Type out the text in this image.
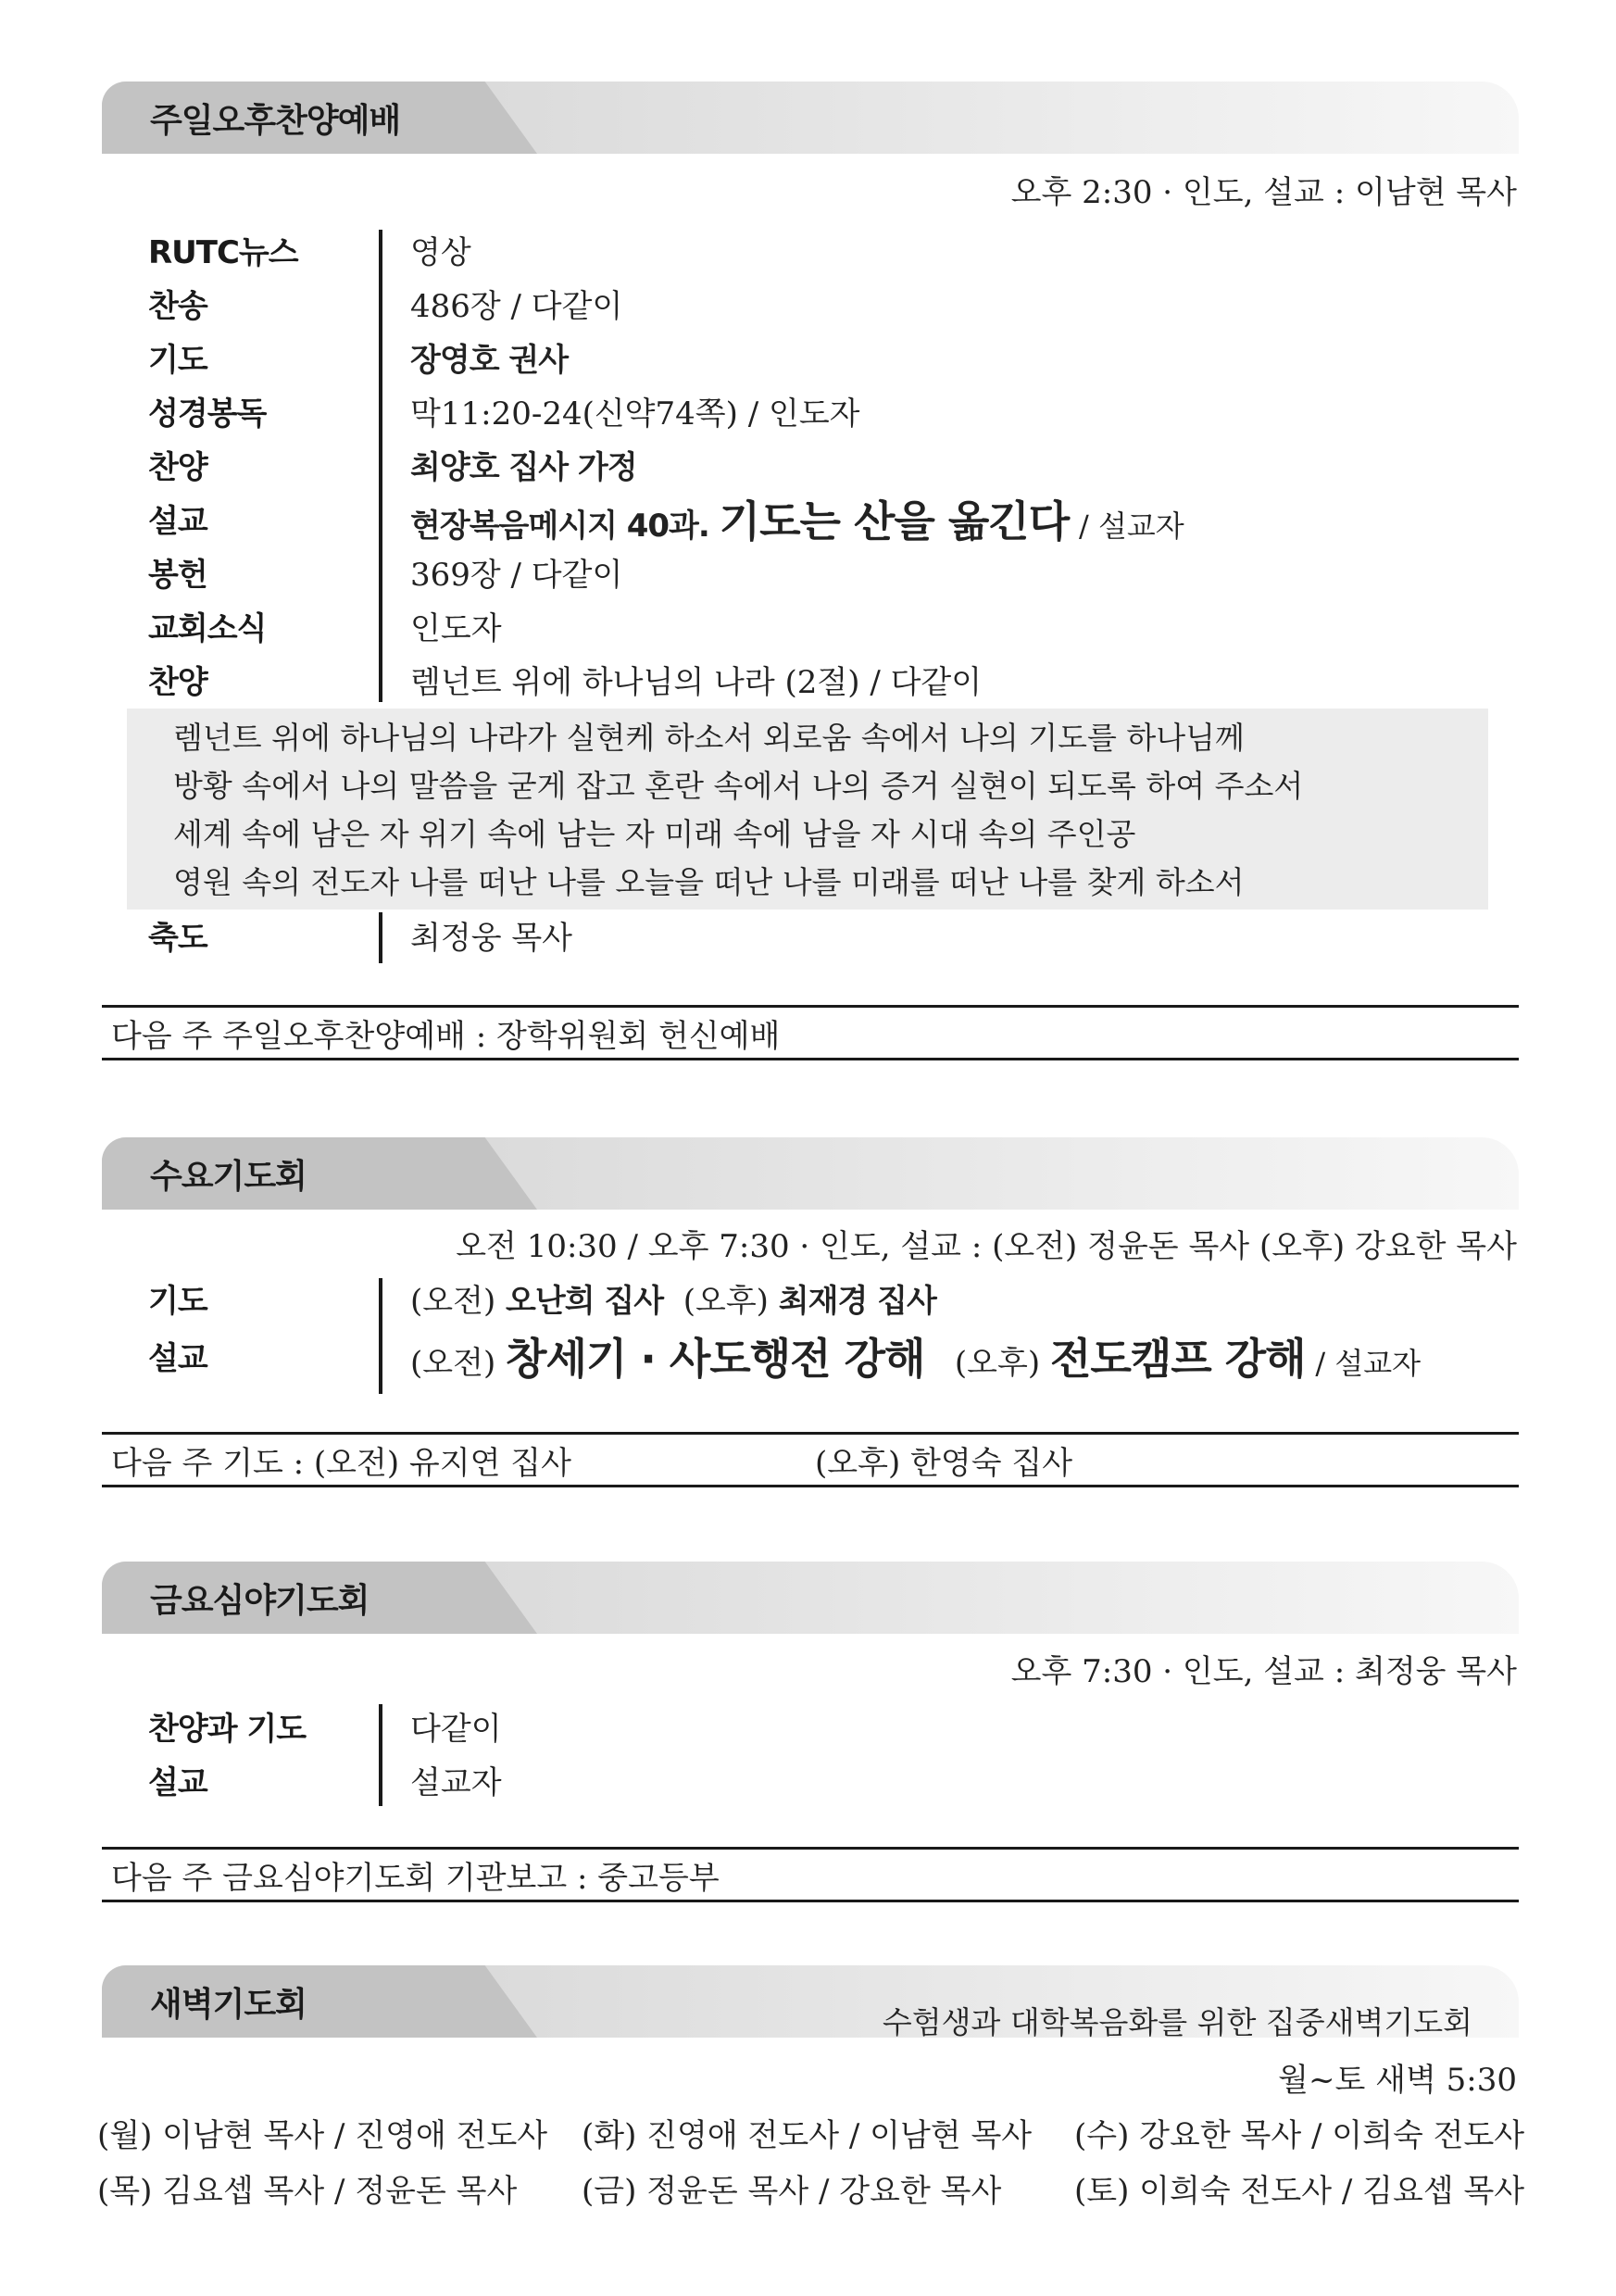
주일오후찬양예배
오후 2:30 · 인도, 설교 : 이남현 목사
RUTC뉴스	영상
찬송	486장 / 다같이
기도	장영호 권사
성경봉독	막11:20-24(신약74쪽) / 인도자
찬양	최양호 집사 가정
설교	현장복음메시지 40과. 기도는 산을 옮긴다 / 설교자
봉헌	369장 / 다같이
교회소식	인도자
찬양	렘넌트 위에 하나님의 나라 (2절) / 다같이
렘넌트 위에 하나님의 나라가 실현케 하소서 외로움 속에서 나의 기도를 하나님께
방황 속에서 나의 말씀을 굳게 잡고 혼란 속에서 나의 증거 실현이 되도록 하여 주소서
세계 속에 남은 자 위기 속에 남는 자 미래 속에 남을 자 시대 속의 주인공
영원 속의 전도자 나를 떠난 나를 오늘을 떠난 나를 미래를 떠난 나를 찾게 하소서
축도	최정웅 목사
다음 주 주일오후찬양예배 : 장학위원회 헌신예배
수요기도회
오전 10:30 / 오후 7:30 · 인도, 설교 : (오전) 정윤돈 목사 (오후) 강요한 목사
기도	(오전) 오난희 집사 (오후) 최재경 집사
설교	(오전) 창세기 · 사도행전 강해 (오후) 전도캠프 강해 / 설교자
다음 주 기도 : (오전) 유지연 집사	(오후) 한영숙 집사
금요심야기도회
오후 7:30 · 인도, 설교 : 최정웅 목사
찬양과 기도	다같이
설교	설교자
다음 주 금요심야기도회 기관보고 : 중고등부
새벽기도회	수험생과 대학복음화를 위한 집중새벽기도회
월~토 새벽 5:30
(월) 이남현 목사 / 진영애 전도사 (화) 진영애 전도사 / 이남현 목사 (수) 강요한 목사 / 이희숙 전도사
(목) 김요셉 목사 / 정윤돈 목사 (금) 정윤돈 목사 / 강요한 목사 (토) 이희숙 전도사 / 김요셉 목사
